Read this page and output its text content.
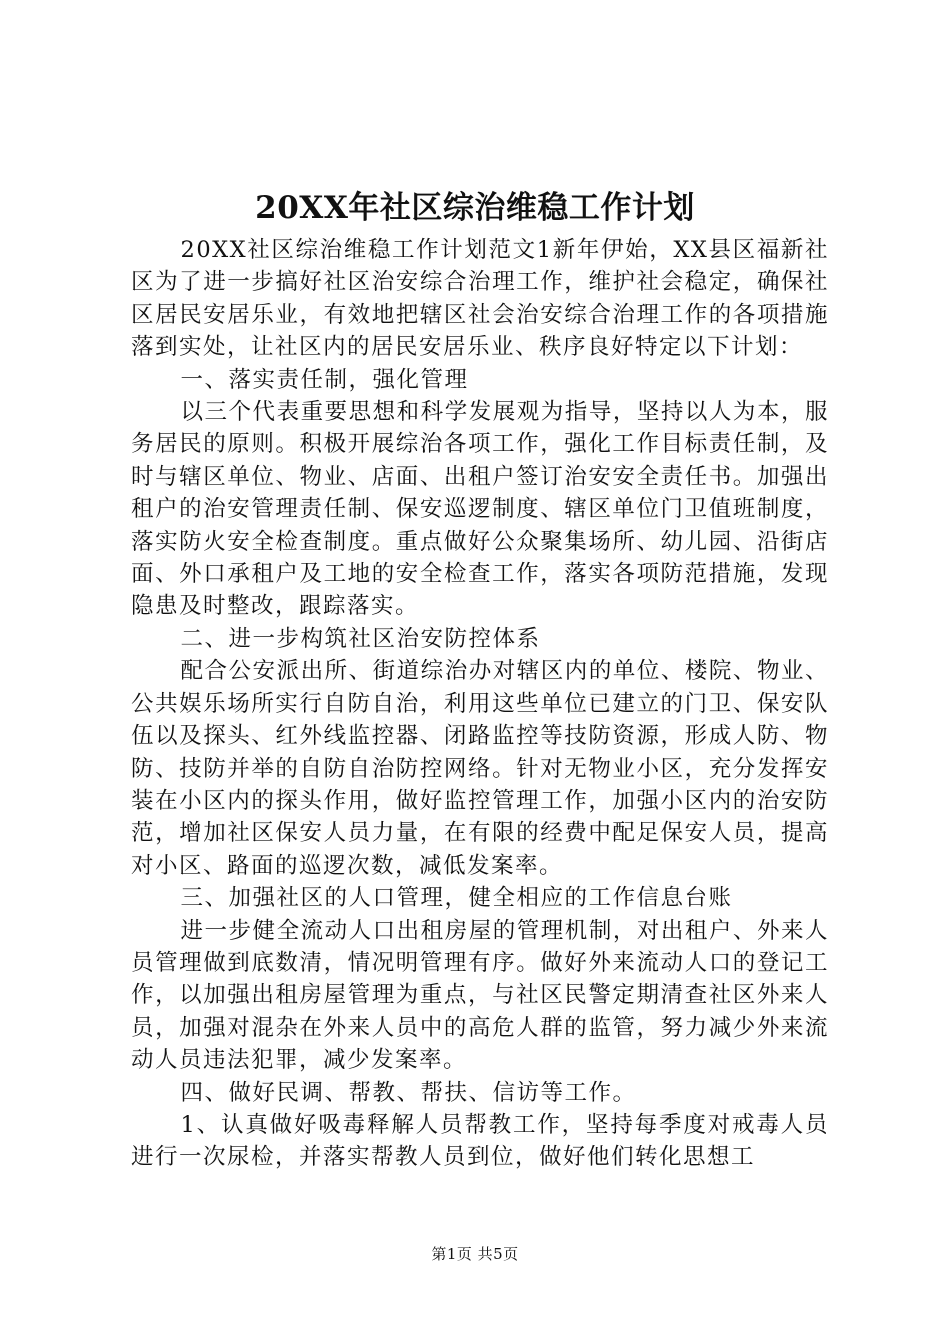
20XX年社区综治维稳工作计划

20XX社区综治维稳工作计划范文1新年伊始，XX县区福新社区为了进一步搞好社区治安综合治理工作，维护社会稳定，确保社区居民安居乐业，有效地把辖区社会治安综合治理工作的各项措施落到实处，让社区内的居民安居乐业、秩序良好特定以下计划：

一、落实责任制，强化管理

以三个代表重要思想和科学发展观为指导，坚持以人为本，服务居民的原则。积极开展综治各项工作，强化工作目标责任制，及时与辖区单位、物业、店面、出租户签订治安安全责任书。加强出租户的治安管理责任制、保安巡逻制度、辖区单位门卫值班制度，落实防火安全检查制度。重点做好公众聚集场所、幼儿园、沿街店面、外口承租户及工地的安全检查工作，落实各项防范措施，发现隐患及时整改，跟踪落实。

二、进一步构筑社区治安防控体系

配合公安派出所、街道综治办对辖区内的单位、楼院、物业、公共娱乐场所实行自防自治，利用这些单位已建立的门卫、保安队伍以及探头、红外线监控器、闭路监控等技防资源，形成人防、物防、技防并举的自防自治防控网络。针对无物业小区，充分发挥安装在小区内的探头作用，做好监控管理工作，加强小区内的治安防范，增加社区保安人员力量，在有限的经费中配足保安人员，提高对小区、路面的巡逻次数，减低发案率。

三、加强社区的人口管理，健全相应的工作信息台账

进一步健全流动人口出租房屋的管理机制，对出租户、外来人员管理做到底数清，情况明管理有序。做好外来流动人口的登记工作，以加强出租房屋管理为重点，与社区民警定期清查社区外来人员，加强对混杂在外来人员中的高危人群的监管，努力减少外来流动人员违法犯罪，减少发案率。

四、做好民调、帮教、帮扶、信访等工作。

1、认真做好吸毒释解人员帮教工作，坚持每季度对戒毒人员进行一次尿检，并落实帮教人员到位，做好他们转化思想工

第1页 共5页
